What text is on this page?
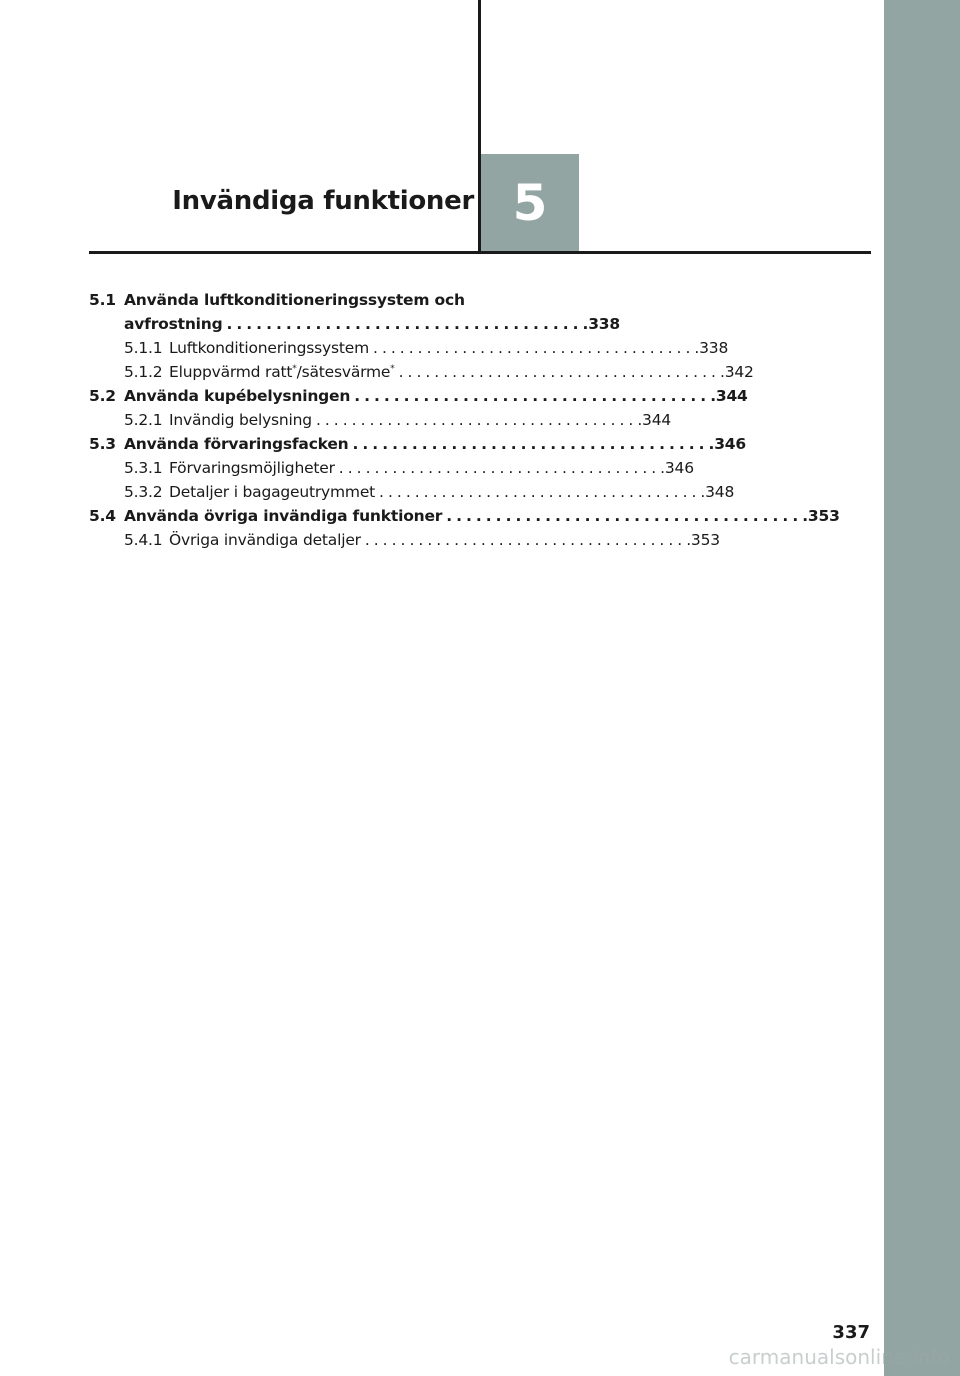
Invändiga funktioner 5
5.1 Använda luftkonditioneringssystem och
avfrostning .................................... .338
5.1.1 Luftkonditioneringssystem .................................... .338
5.1.2 Eluppvärmd ratt*/sätesvärme* .................................... .342
5.2 Använda kupébelysningen .................................... .344
5.2.1 Invändig belysning .................................... .344
5.3 Använda förvaringsfacken .................................... .346
5.3.1 Förvaringsmöjligheter .................................... .346
5.3.2 Detaljer i bagageutrymmet .................................... .348
5.4 Använda övriga invändiga funktioner .................................... .353
5.4.1 Övriga invändiga detaljer .................................... .353
337
carmanualsonline.info
